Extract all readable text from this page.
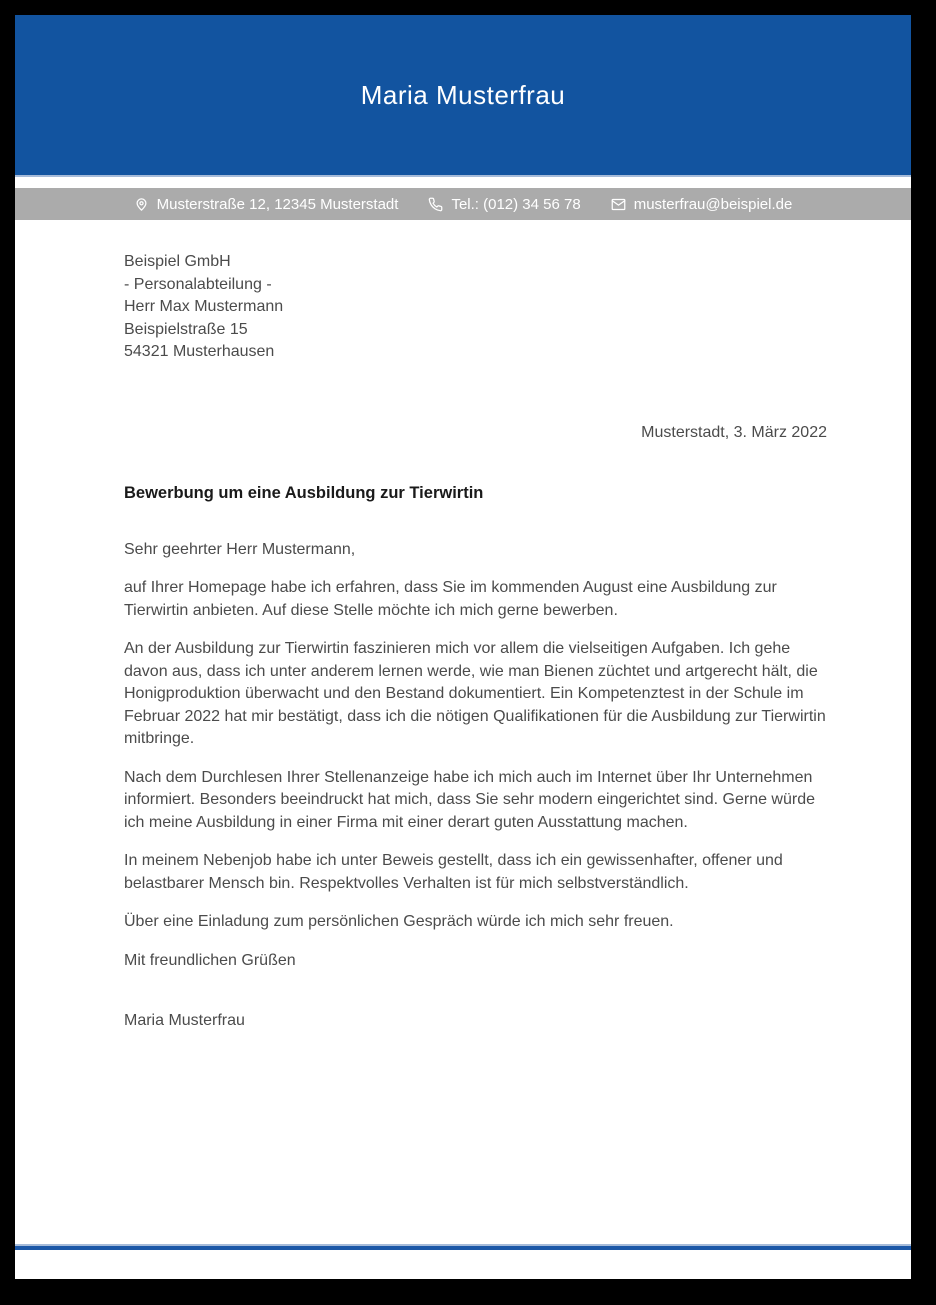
Maria Musterfrau
Musterstraße 12, 12345 Musterstadt	Tel.: (012) 34 56 78	musterfrau@beispiel.de
Beispiel GmbH
- Personalabteilung -
Herr Max Mustermann
Beispielstraße 15
54321 Musterhausen
Musterstadt, 3. März 2022
Bewerbung um eine Ausbildung zur Tierwirtin
Sehr geehrter Herr Mustermann,

auf Ihrer Homepage habe ich erfahren, dass Sie im kommenden August eine Ausbildung zur Tierwirtin anbieten. Auf diese Stelle möchte ich mich gerne bewerben.

An der Ausbildung zur Tierwirtin faszinieren mich vor allem die vielseitigen Aufgaben. Ich gehe davon aus, dass ich unter anderem lernen werde, wie man Bienen züchtet und artgerecht hält, die Honigproduktion überwacht und den Bestand dokumentiert. Ein Kompetenztest in der Schule im Februar 2022 hat mir bestätigt, dass ich die nötigen Qualifikationen für die Ausbildung zur Tierwirtin mitbringe.

Nach dem Durchlesen Ihrer Stellenanzeige habe ich mich auch im Internet über Ihr Unternehmen informiert. Besonders beeindruckt hat mich, dass Sie sehr modern eingerichtet sind. Gerne würde ich meine Ausbildung in einer Firma mit einer derart guten Ausstattung machen.

In meinem Nebenjob habe ich unter Beweis gestellt, dass ich ein gewissenhafter, offener und belastbarer Mensch bin. Respektvolles Verhalten ist für mich selbstverständlich.

Über eine Einladung zum persönlichen Gespräch würde ich mich sehr freuen.

Mit freundlichen Grüßen
Maria Musterfrau
